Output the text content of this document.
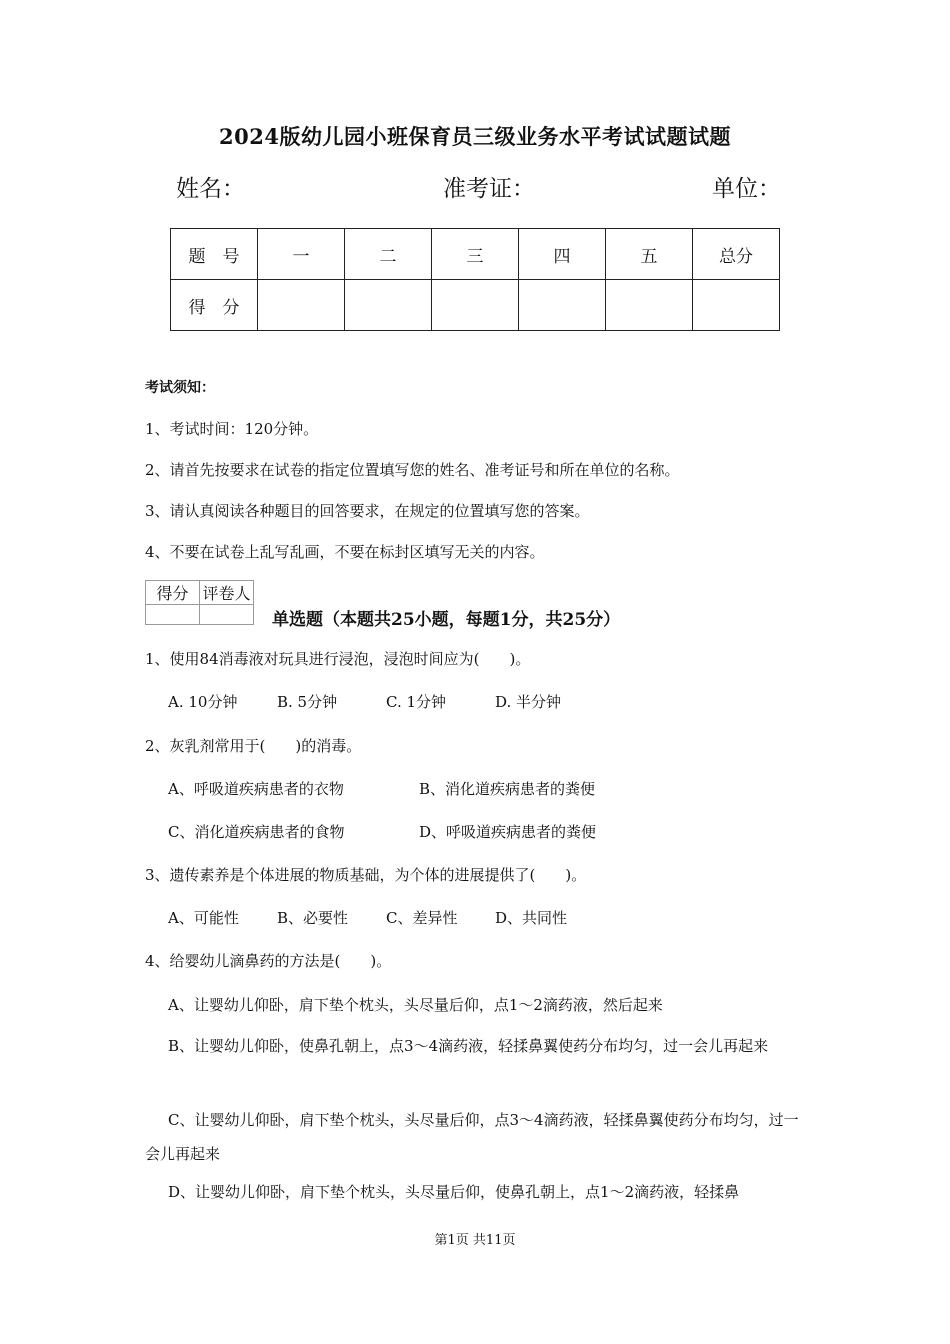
2024版幼儿园小班保育员三级业务水平考试试题试题
姓名：	准考证：	单位：
题　号	一	二	三	四	五	总分
得　分						
考试须知：
1、考试时间：120分钟。
2、请首先按要求在试卷的指定位置填写您的姓名、准考证号和所在单位的名称。
3、请认真阅读各种题目的回答要求，在规定的位置填写您的答案。
4、不要在试卷上乱写乱画，不要在标封区填写无关的内容。
得分	评卷人

单选题（本题共25小题，每题1分，共25分）
1、使用84消毒液对玩具进行浸泡，浸泡时间应为(　　)。
A. 10分钟	B. 5分钟	C. 1分钟	D. 半分钟
2、灰乳剂常用于(　　)的消毒。
A、呼吸道疾病患者的衣物	B、消化道疾病患者的粪便
C、消化道疾病患者的食物	D、呼吸道疾病患者的粪便
3、遗传素养是个体进展的物质基础，为个体的进展提供了(　　)。
A、可能性	B、必要性	C、差异性	D、共同性
4、给婴幼儿滴鼻药的方法是(　　)。
A、让婴幼儿仰卧，肩下垫个枕头，头尽量后仰，点1～2滴药液，然后起来
B、让婴幼儿仰卧，使鼻孔朝上，点3～4滴药液，轻揉鼻翼使药分布均匀，过一会儿再起来
C、让婴幼儿仰卧，肩下垫个枕头，头尽量后仰，点3～4滴药液，轻揉鼻翼使药分布均匀，过一会儿再起来
D、让婴幼儿仰卧，肩下垫个枕头，头尽量后仰，使鼻孔朝上，点1～2滴药液，轻揉鼻
第1页 共11页
